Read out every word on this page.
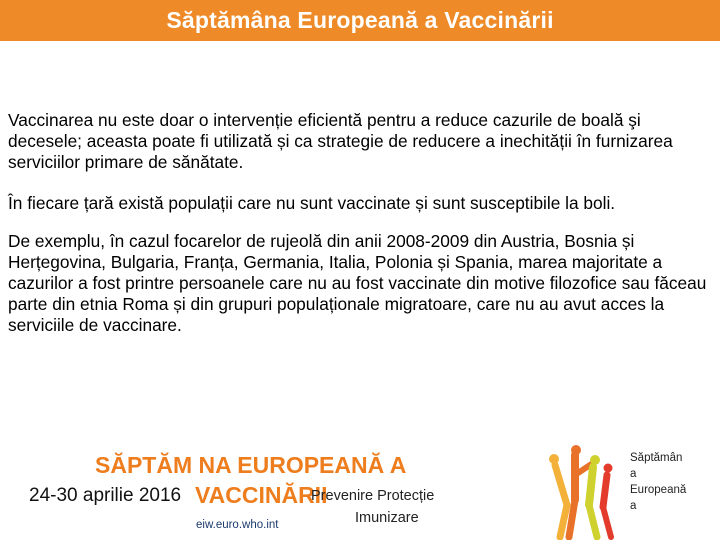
Săptămâna Europeană a Vaccinării

Vaccinarea nu este doar o intervenție eficientă pentru a reduce cazurile de boală şi decesele; aceasta poate fi utilizată și ca strategie de reducere a inechității în furnizarea serviciilor primare de sănătate.

În fiecare țară există populații care nu sunt vaccinate și sunt susceptibile la boli.

De exemplu, în cazul focarelor de rujeolă din anii 2008-2009 din Austria, Bosnia și Herțegovina, Bulgaria, Franța, Germania, Italia, Polonia și Spania, marea majoritate a cazurilor a fost printre persoanele care nu au fost vaccinate din motive filozofice sau făceau parte din etnia Roma și din grupuri populaționale migratoare, care nu au avut acces la serviciile de vaccinare.

SĂPTĂM NA EUROPEANĂ A
VACCINĂRII
24-30 aprilie 2016	Prevenire Protecție
Imunizare
eiw.euro.who.int
Săptămân
a
Europeană
a
